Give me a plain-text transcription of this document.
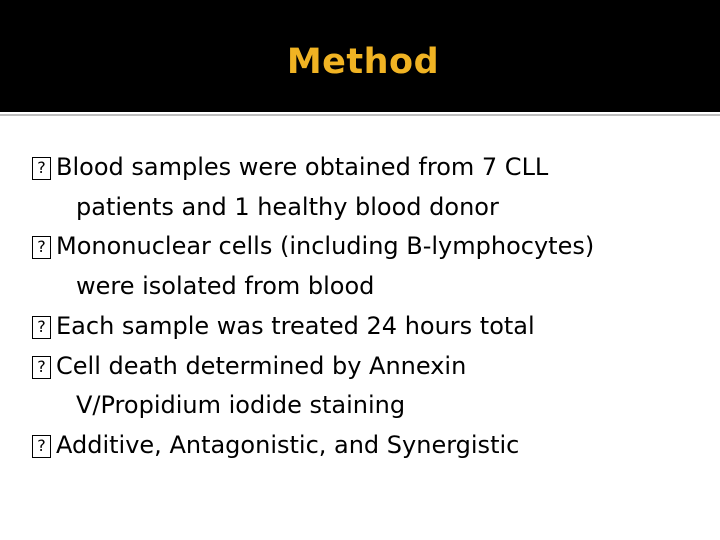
Method
?
Blood samples were obtained from 7 CLL
patients and 1 healthy blood donor
?
Mononuclear cells (including B-lymphocytes)
were isolated from blood
?
Each sample was treated 24 hours total
?
Cell death determined by Annexin
V/Propidium iodide staining
?
Additive, Antagonistic, and Synergistic
